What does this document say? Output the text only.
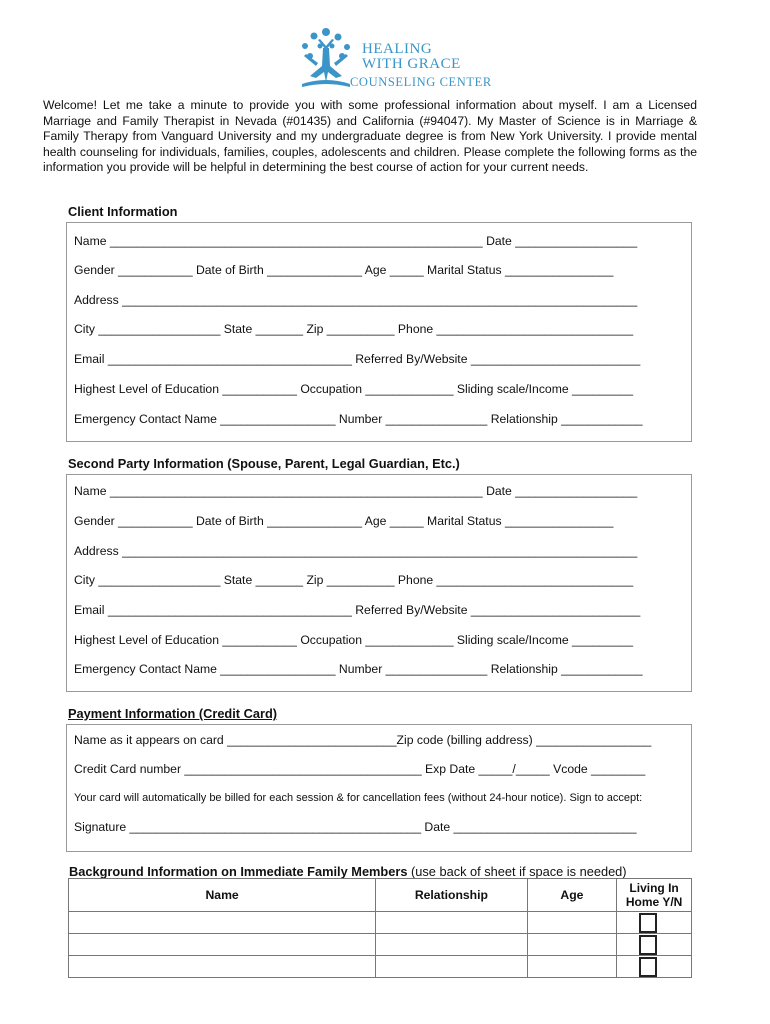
HEALING
WITH GRACE
COUNSELING CENTER
Welcome! Let me take a minute to provide you with some professional information about myself. I am a Licensed Marriage and Family Therapist in Nevada (#01435) and California (#94047). My Master of Science is in Marriage & Family Therapy from Vanguard University and my undergraduate degree is from New York University. I provide mental health counseling for individuals, families, couples, adolescents and children. Please complete the following forms as the information you provide will be helpful in determining the best course of action for your current needs.
Client Information
Name _______________________________________________________ Date __________________
Gender ___________ Date of Birth ______________ Age _____ Marital Status ________________
Address ____________________________________________________________________________
City __________________ State _______ Zip __________ Phone _____________________________
Email ____________________________________ Referred By/Website _________________________
Highest Level of Education ___________ Occupation _____________ Sliding scale/Income _________
Emergency Contact Name _________________ Number _______________ Relationship ____________
Second Party Information (Spouse, Parent, Legal Guardian, Etc.)
Name _______________________________________________________ Date __________________
Gender ___________ Date of Birth ______________ Age _____ Marital Status ________________
Address ____________________________________________________________________________
City __________________ State _______ Zip __________ Phone _____________________________
Email ____________________________________ Referred By/Website _________________________
Highest Level of Education ___________ Occupation _____________ Sliding scale/Income _________
Emergency Contact Name _________________ Number _______________ Relationship ____________
Payment Information (Credit Card)
Name as it appears on card _________________________Zip code (billing address) _________________
Credit Card number ___________________________________ Exp Date _____/_____ Vcode ________
Your card will automatically be billed for each session & for cancellation fees (without 24-hour notice). Sign to accept:
Signature ___________________________________________ Date ___________________________
Background Information on Immediate Family Members (use back of sheet if space is needed)
Name	Relationship	Age	Living In Home Y/N
